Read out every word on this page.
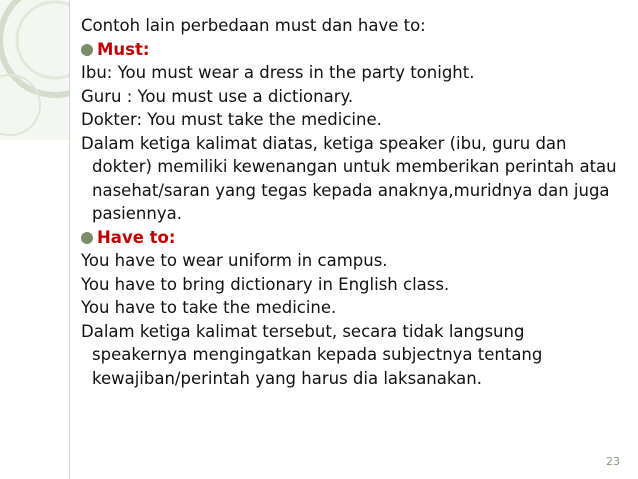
Contoh lain perbedaan must dan have to:
Must:
Ibu: You must wear a dress in the party tonight.
Guru : You must use a dictionary.
Dokter: You must take the medicine.
Dalam ketiga kalimat diatas, ketiga speaker (ibu, guru dan dokter) memiliki kewenangan untuk memberikan perintah atau nasehat/saran yang tegas kepada anaknya,muridnya dan juga pasiennya.
Have to:
You have to wear uniform in campus.
You have to bring dictionary in English class.
You have to take the medicine.
Dalam ketiga kalimat tersebut, secara tidak langsung speakernya mengingatkan kepada subjectnya tentang kewajiban/perintah yang harus dia laksanakan.
23
